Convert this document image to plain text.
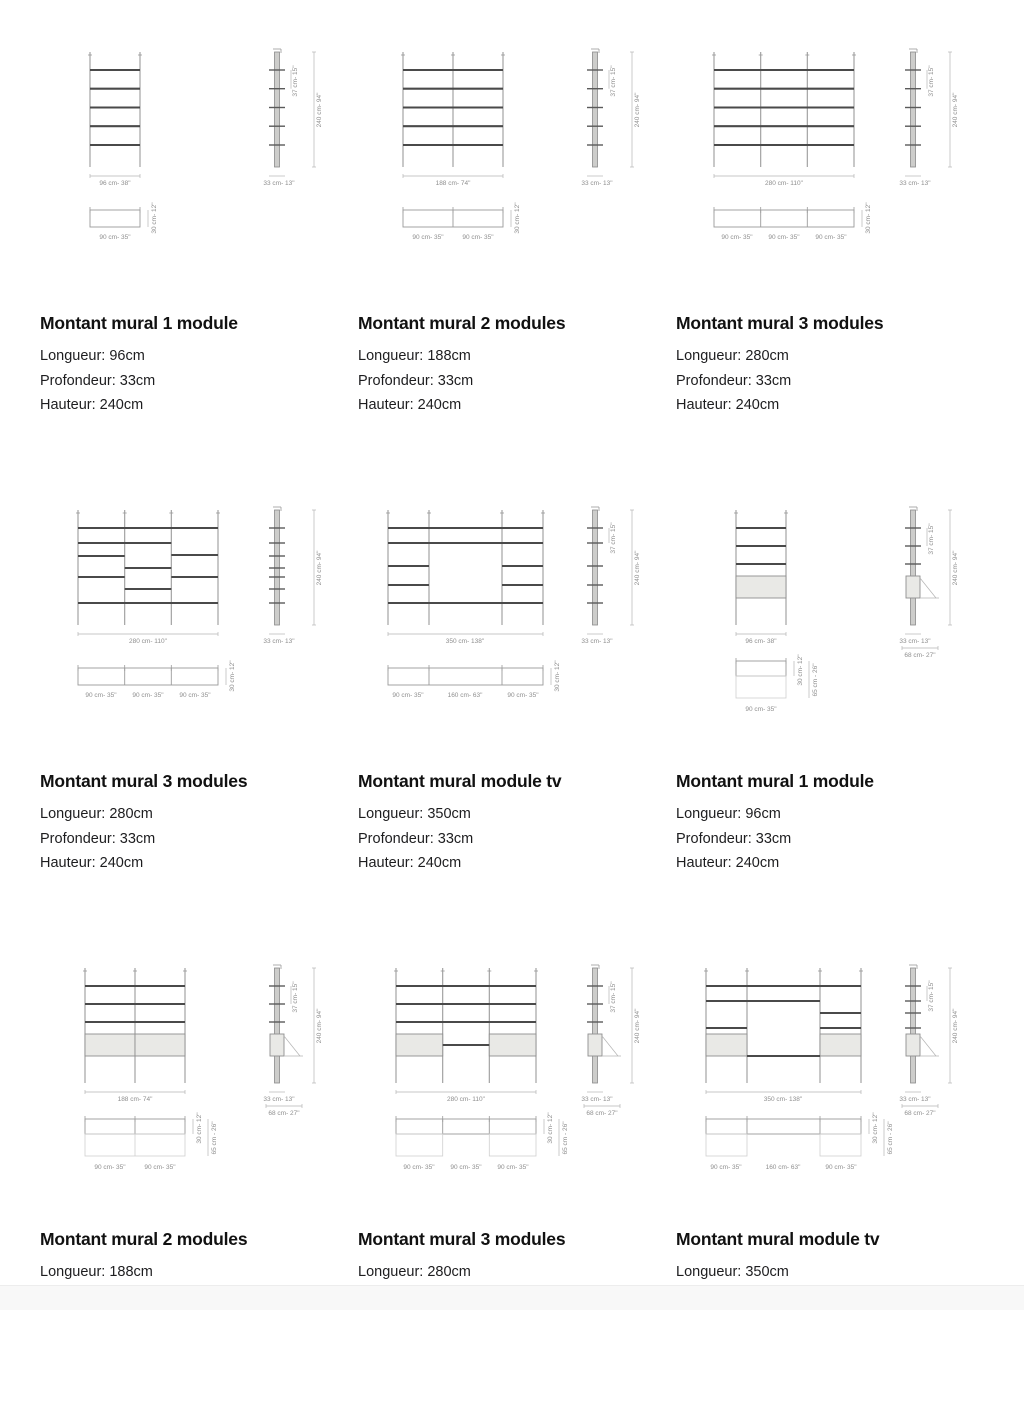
96 cm- 38"
90 cm- 35"
30 cm- 12"
37 cm- 15"
240 cm- 94"
33 cm- 13"
Montant mural 1 module

Longueur: 96cm

Profondeur: 33cm

Hauteur: 240cm

188 cm- 74"
90 cm- 35"	90 cm- 35"
30 cm- 12"
37 cm- 15"
240 cm- 94"
33 cm- 13"
Montant mural 2 modules

Longueur: 188cm

Profondeur: 33cm

Hauteur: 240cm

280 cm- 110"
90 cm- 35" 90 cm- 35" 90 cm- 35"
30 cm- 12"
37 cm- 15"
240 cm- 94"
33 cm- 13"
Montant mural 3 modules

Longueur: 280cm

Profondeur: 33cm

Hauteur: 240cm

280 cm- 110"
90 cm- 35" 90 cm- 35" 90 cm- 35"
30 cm- 12"
240 cm- 94"
33 cm- 13"
Montant mural 3 modules

Longueur: 280cm

Profondeur: 33cm

Hauteur: 240cm

350 cm- 138"
90 cm- 35"	160 cm- 63"	90 cm- 35"
30 cm- 12"
37 cm- 15"
240 cm- 94"
33 cm- 13"
Montant mural module tv

Longueur: 350cm

Profondeur: 33cm

Hauteur: 240cm

96 cm- 38"
90 cm- 35"
30 cm- 12" 65 cm - 26"
37 cm- 15"
240 cm- 94"
33 cm- 13"
68 cm- 27"
Montant mural 1 module

Longueur: 96cm

Profondeur: 33cm

Hauteur: 240cm

188 cm- 74"
90 cm- 35"	90 cm- 35"
30 cm- 12" 65 cm - 26"
37 cm- 15"
240 cm- 94"
33 cm- 13"
68 cm- 27"
Montant mural 2 modules

Longueur: 188cm

280 cm- 110"
90 cm- 35" 90 cm- 35" 90 cm- 35"
30 cm- 12" 65 cm - 26"
37 cm- 15"
240 cm- 94"
33 cm- 13"
68 cm- 27"
Montant mural 3 modules

Longueur: 280cm

350 cm- 138"
90 cm- 35"	160 cm- 63"	90 cm- 35"
30 cm- 12" 65 cm - 26"
37 cm- 15"
240 cm- 94"
33 cm- 13"
68 cm- 27"
Montant mural module tv

Longueur: 350cm
